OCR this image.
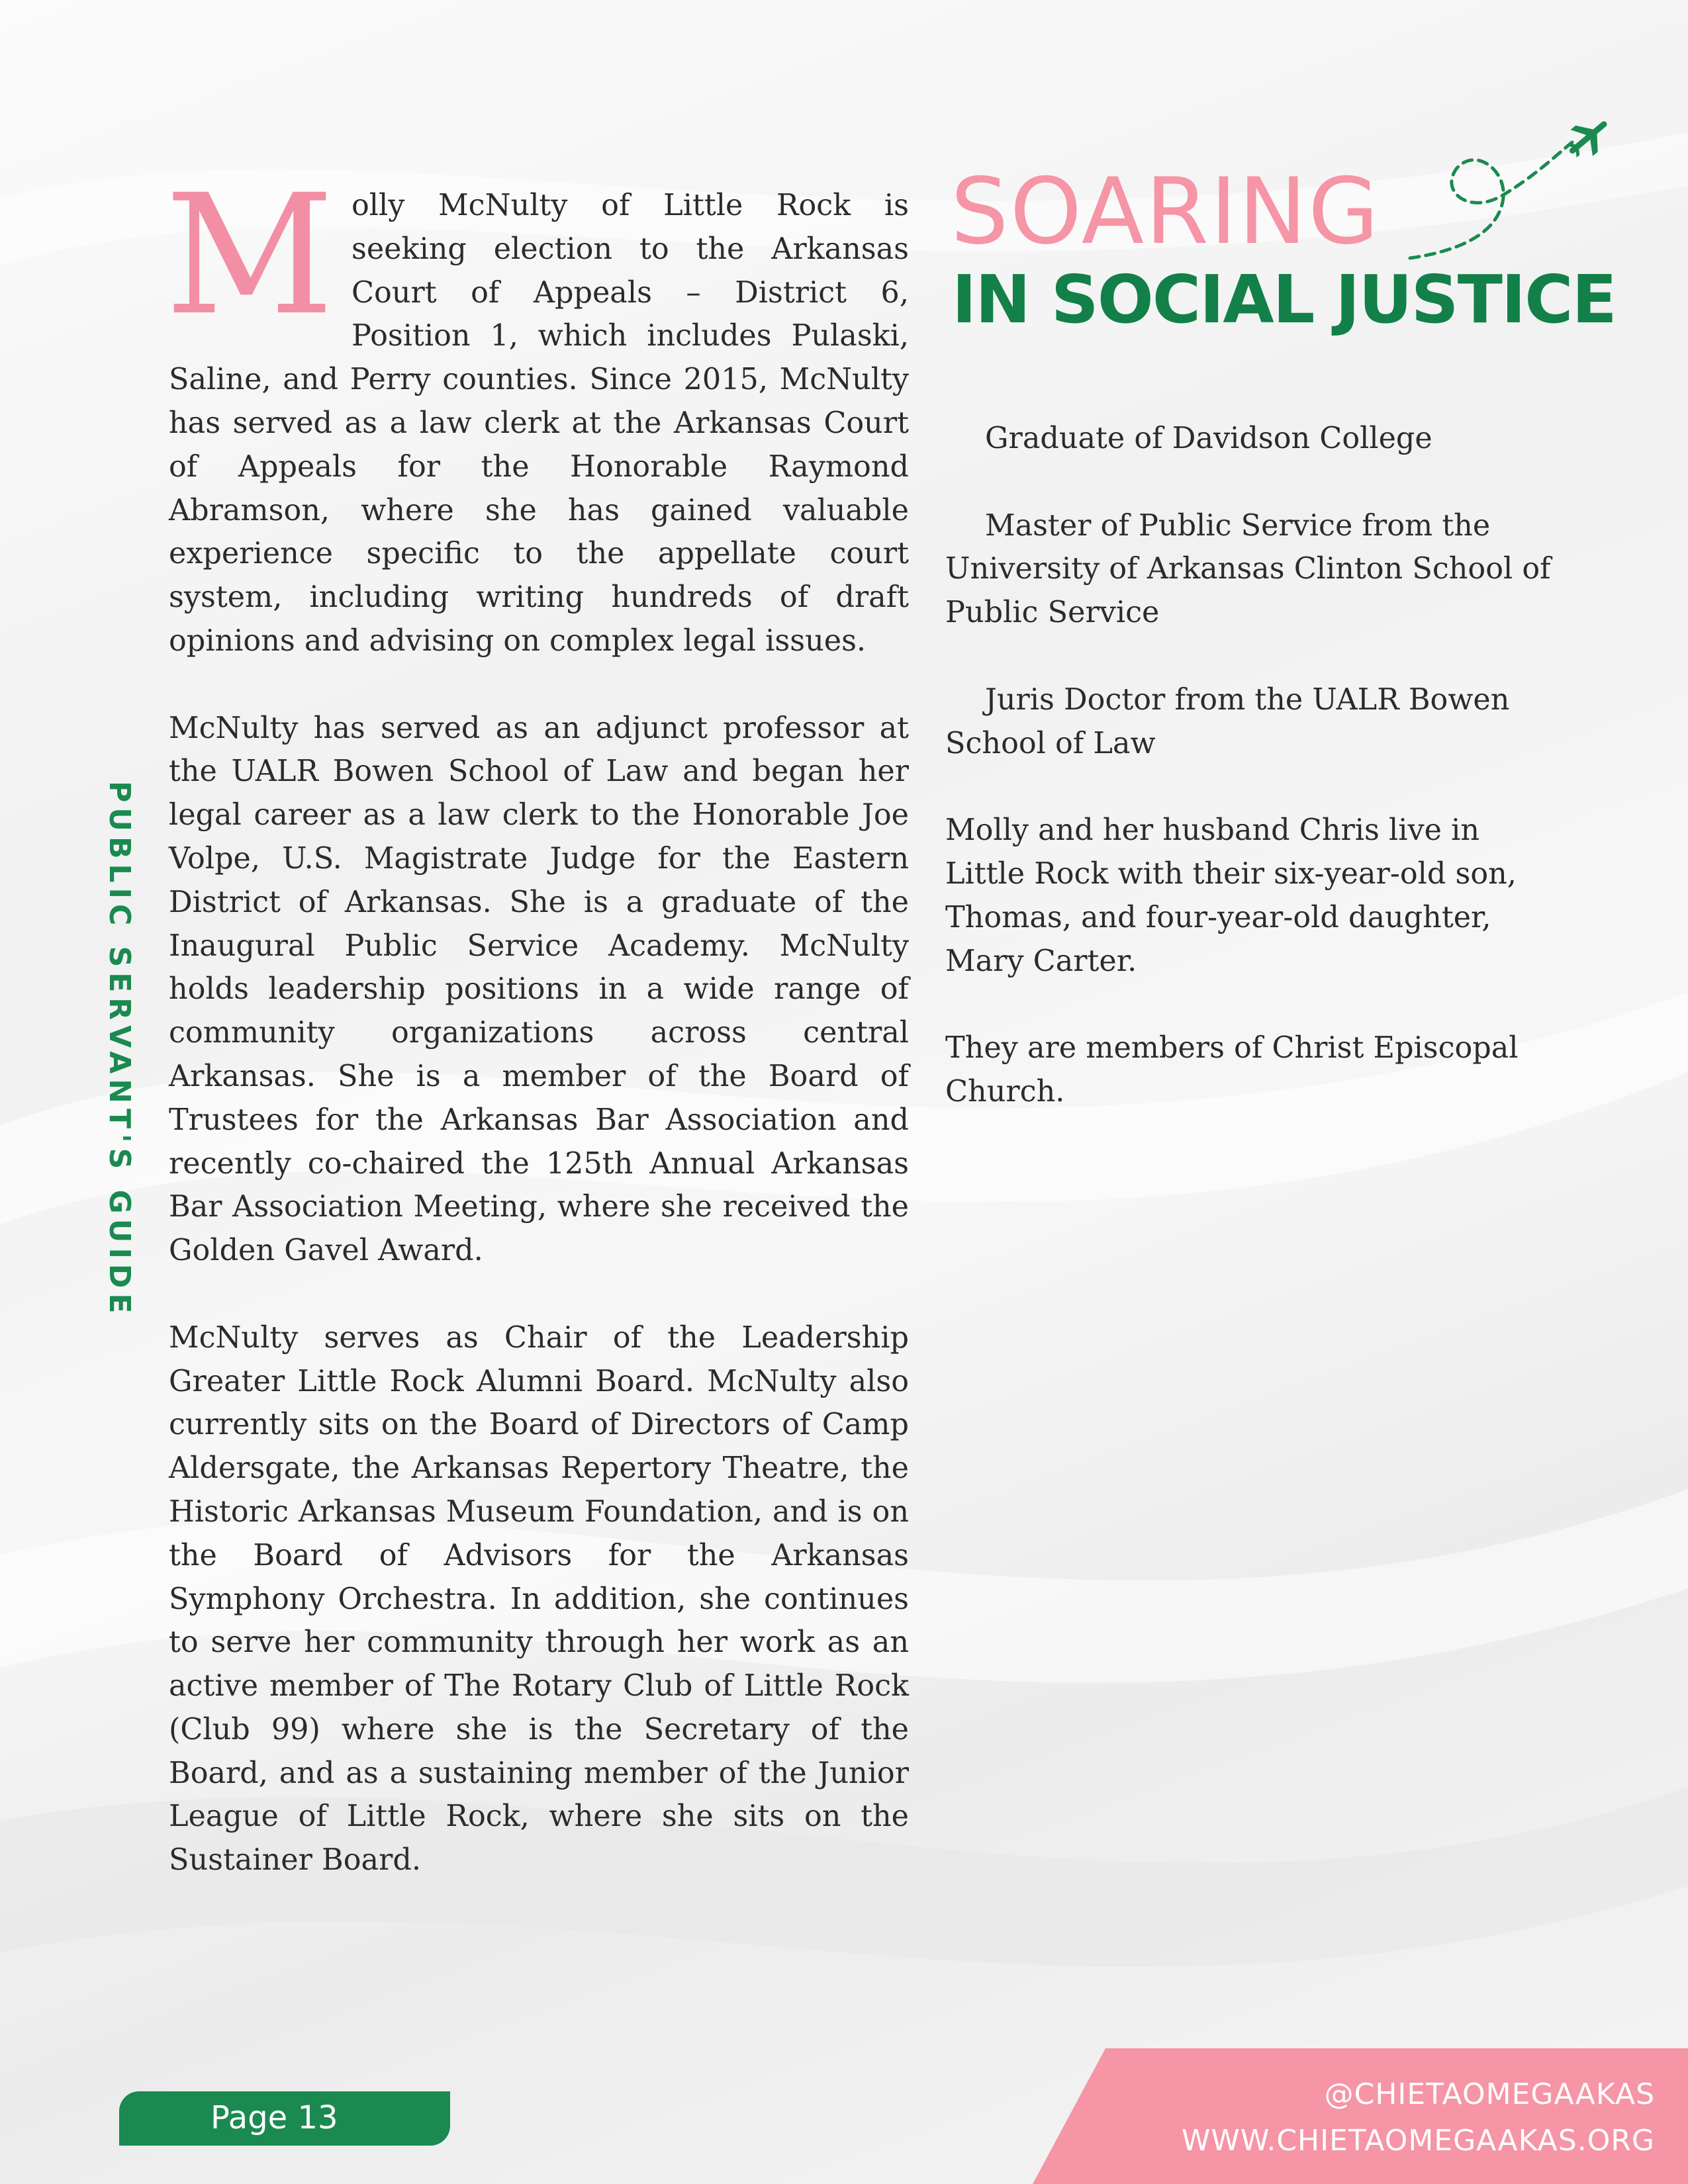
PUBLIC SERVANT'S GUIDE

Molly McNulty of Little Rock is seeking election to the Arkansas Court of Appeals – District 6, Position 1, which includes Pulaski, Saline, and Perry counties. Since 2015, McNulty has served as a law clerk at the Arkansas Court of Appeals for the Honorable Raymond Abramson, where she has gained valuable experience specific to the appellate court system, including writing hundreds of draft opinions and advising on complex legal issues.

McNulty has served as an adjunct professor at the UALR Bowen School of Law and began her legal career as a law clerk to the Honorable Joe Volpe, U.S. Magistrate Judge for the Eastern District of Arkansas. She is a graduate of the Inaugural Public Service Academy. McNulty holds leadership positions in a wide range of community organizations across central Arkansas. She is a member of the Board of Trustees for the Arkansas Bar Association and recently co-chaired the 125th Annual Arkansas Bar Association Meeting, where she received the Golden Gavel Award.

McNulty serves as Chair of the Leadership Greater Little Rock Alumni Board. McNulty also currently sits on the Board of Directors of Camp Aldersgate, the Arkansas Repertory Theatre, the Historic Arkansas Museum Foundation, and is on the Board of Advisors for the Arkansas Symphony Orchestra. In addition, she continues to serve her community through her work as an active member of The Rotary Club of Little Rock (Club 99) where she is the Secretary of the Board, and as a sustaining member of the Junior League of Little Rock, where she sits on the Sustainer Board.

SOARING
IN SOCIAL JUSTICE

Graduate of Davidson College

Master of Public Service from the University of Arkansas Clinton School of Public Service

Juris Doctor from the UALR Bowen School of Law

Molly and her husband Chris live in Little Rock with their six-year-old son, Thomas, and four-year-old daughter, Mary Carter.

They are members of Christ Episcopal Church.

Page 13
@CHIETAOMEGAAKAS
WWW.CHIETAOMEGAAKAS.ORG
